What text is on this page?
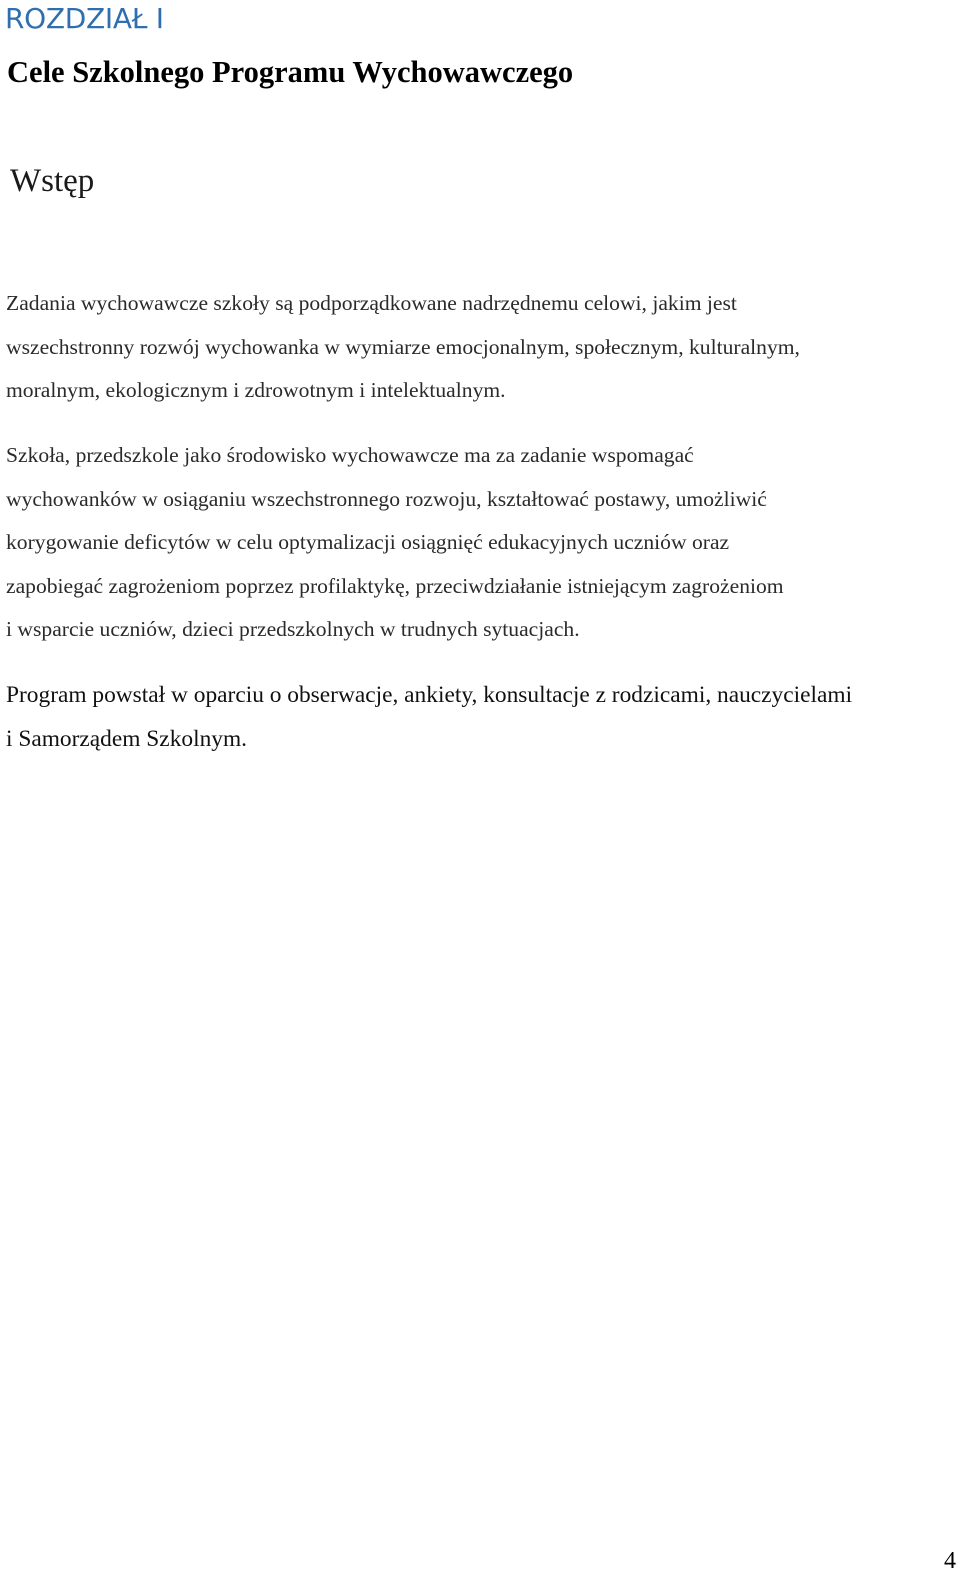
ROZDZIAŁ I
Cele Szkolnego Programu Wychowawczego
Wstęp

Zadania wychowawcze szkoły są podporządkowane nadrzędnemu celowi, jakim jest
wszechstronny rozwój wychowanka w wymiarze emocjonalnym, społecznym, kulturalnym,
moralnym, ekologicznym i zdrowotnym i intelektualnym.

Szkoła, przedszkole jako środowisko wychowawcze ma za zadanie wspomagać
wychowanków w osiąganiu wszechstronnego rozwoju, kształtować postawy, umożliwić
korygowanie deficytów w celu optymalizacji osiągnięć edukacyjnych uczniów oraz
zapobiegać zagrożeniom poprzez profilaktykę, przeciwdziałanie istniejącym zagrożeniom
i wsparcie uczniów, dzieci przedszkolnych w trudnych sytuacjach.

Program powstał w oparciu o obserwacje, ankiety, konsultacje z rodzicami, nauczycielami
i Samorządem Szkolnym.

4
